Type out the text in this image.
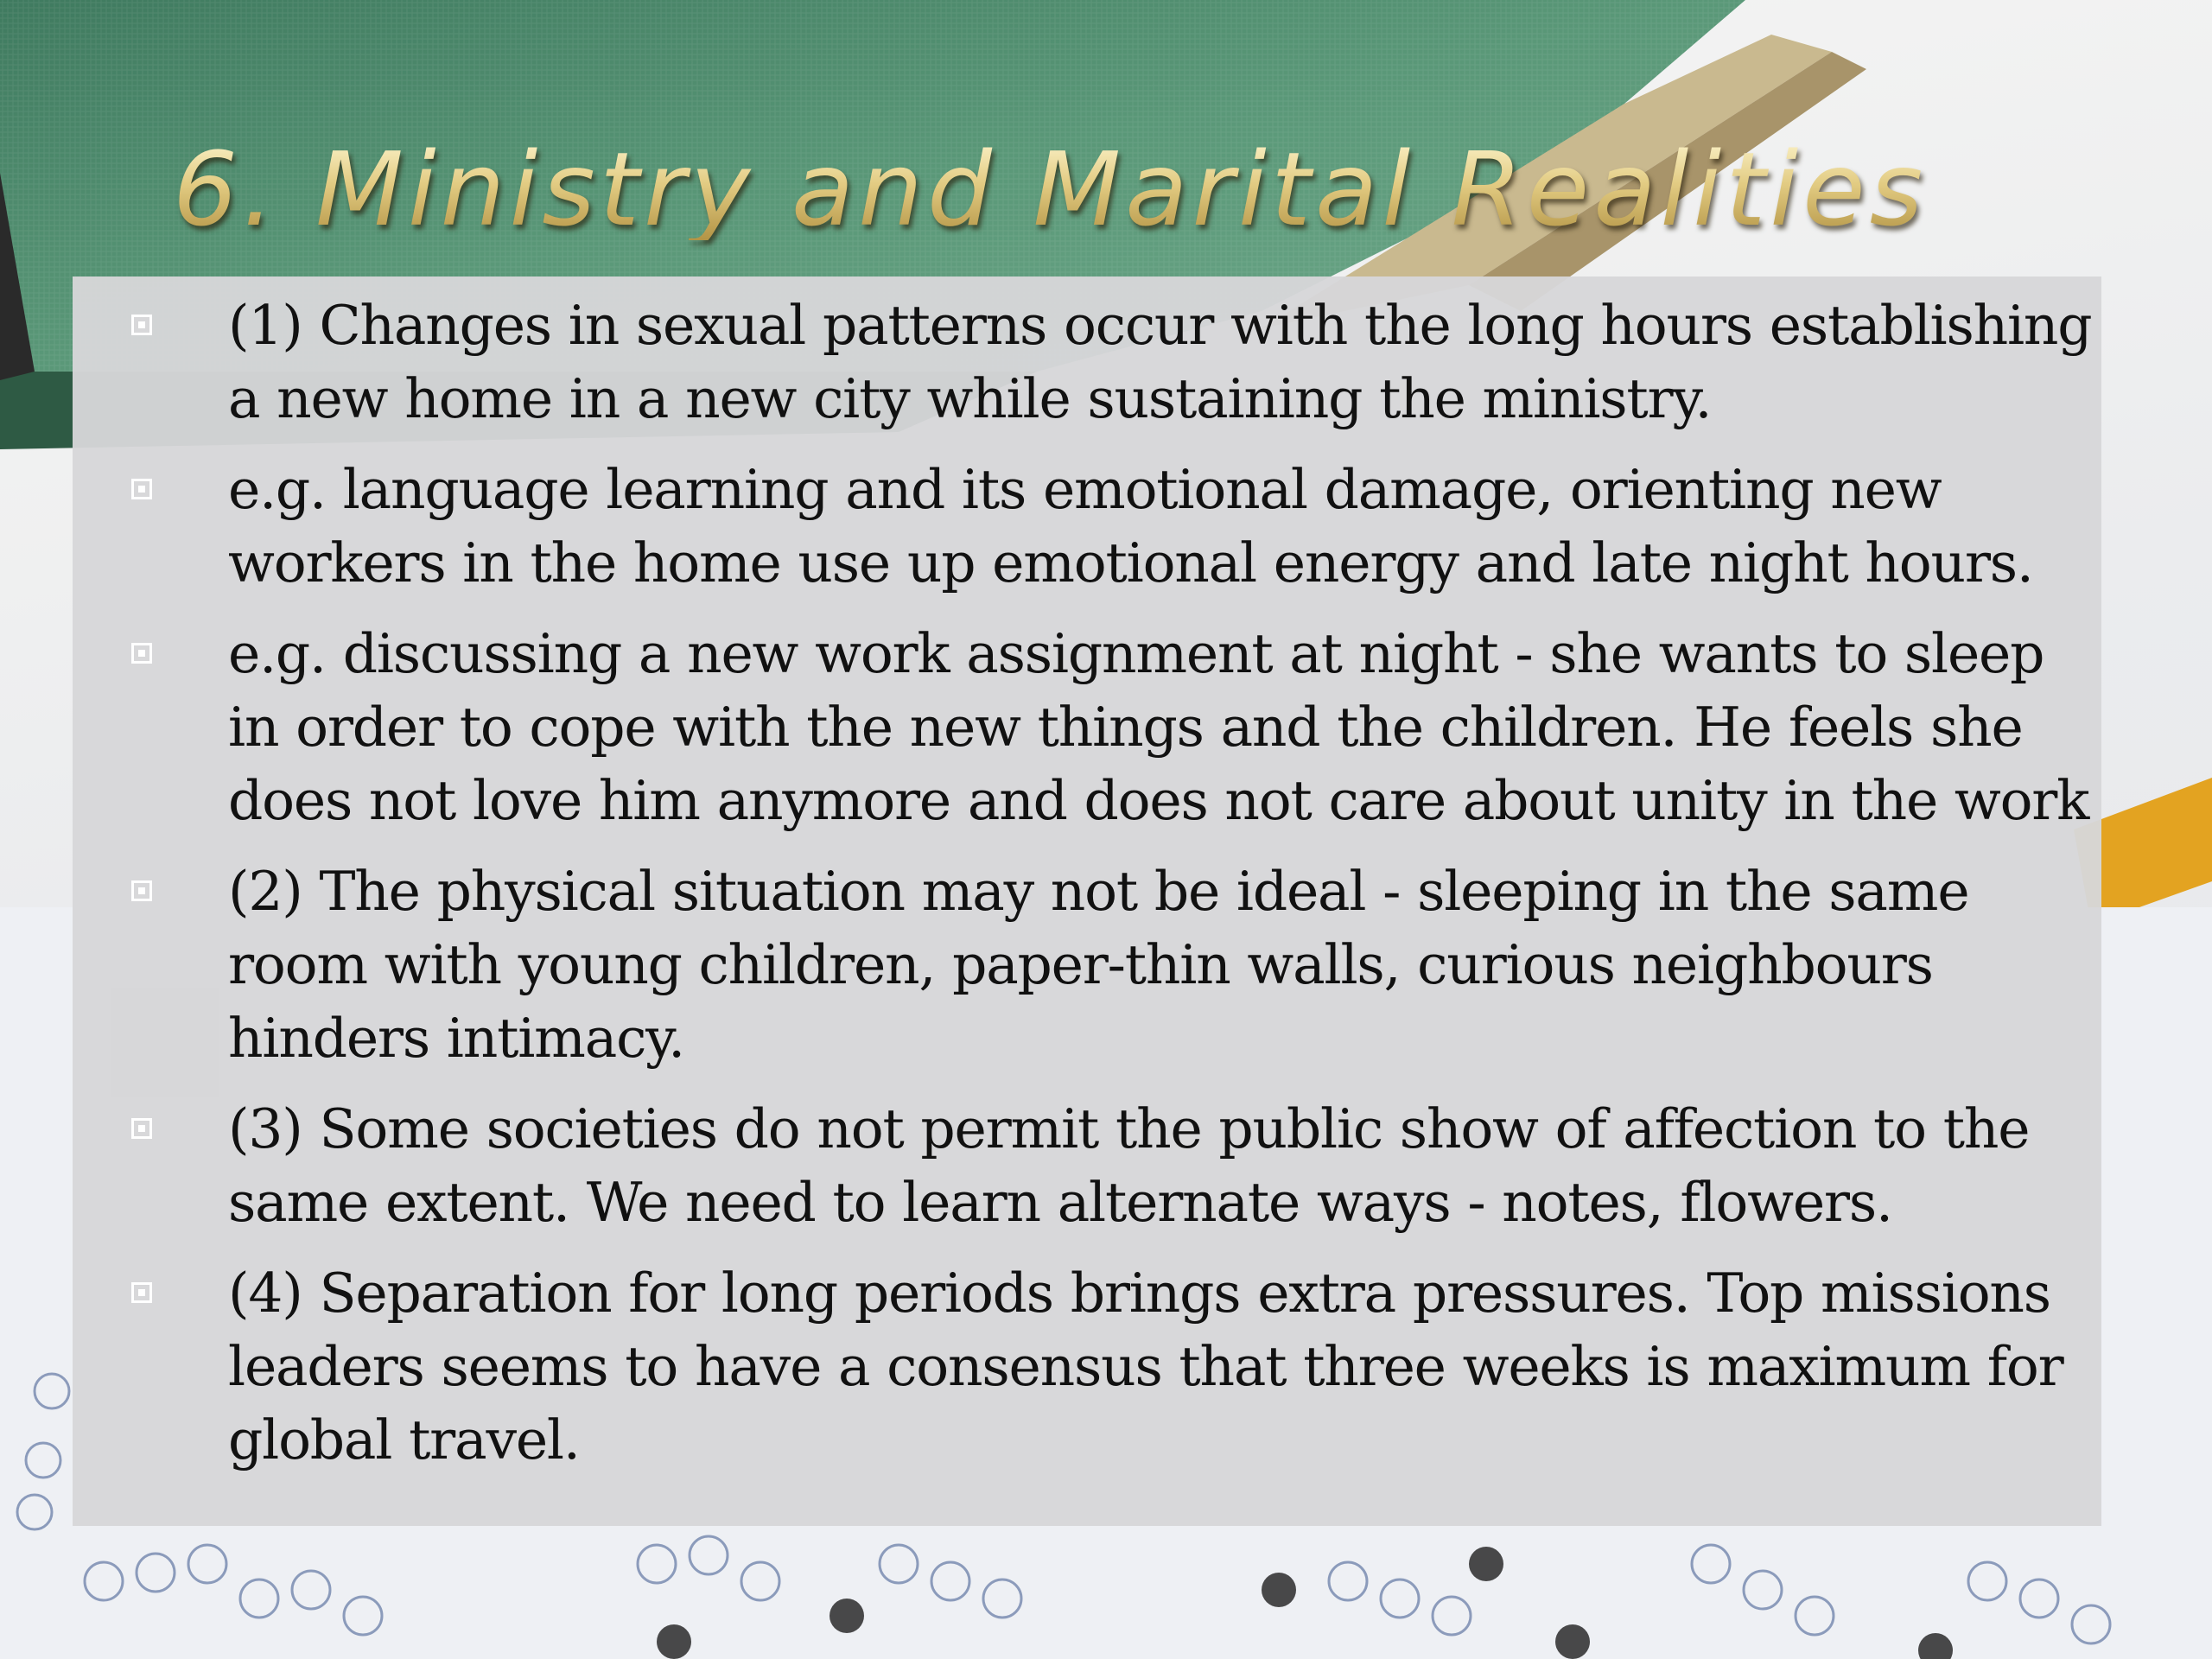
6. Ministry and Marital Realities
(1) Changes in sexual patterns occur with the long hours establishing a new home in a new city while sustaining the ministry.
e.g. language learning and its emotional damage, orienting new workers in the home use up emotional energy and late night hours.
e.g. discussing a new work assignment at night - she wants to sleep in order to cope with the new things and the children. He feels she does not love him anymore and does not care about unity in the work
(2) The physical situation may not be ideal - sleeping in the same room with young children, paper-thin walls, curious neighbours hinders intimacy.
(3) Some societies do not permit the public show of affection to the same extent. We need to learn alternate ways - notes, flowers.
(4) Separation for long periods brings extra pressures. Top missions leaders seems to have a consensus that three weeks is maximum for global travel.
